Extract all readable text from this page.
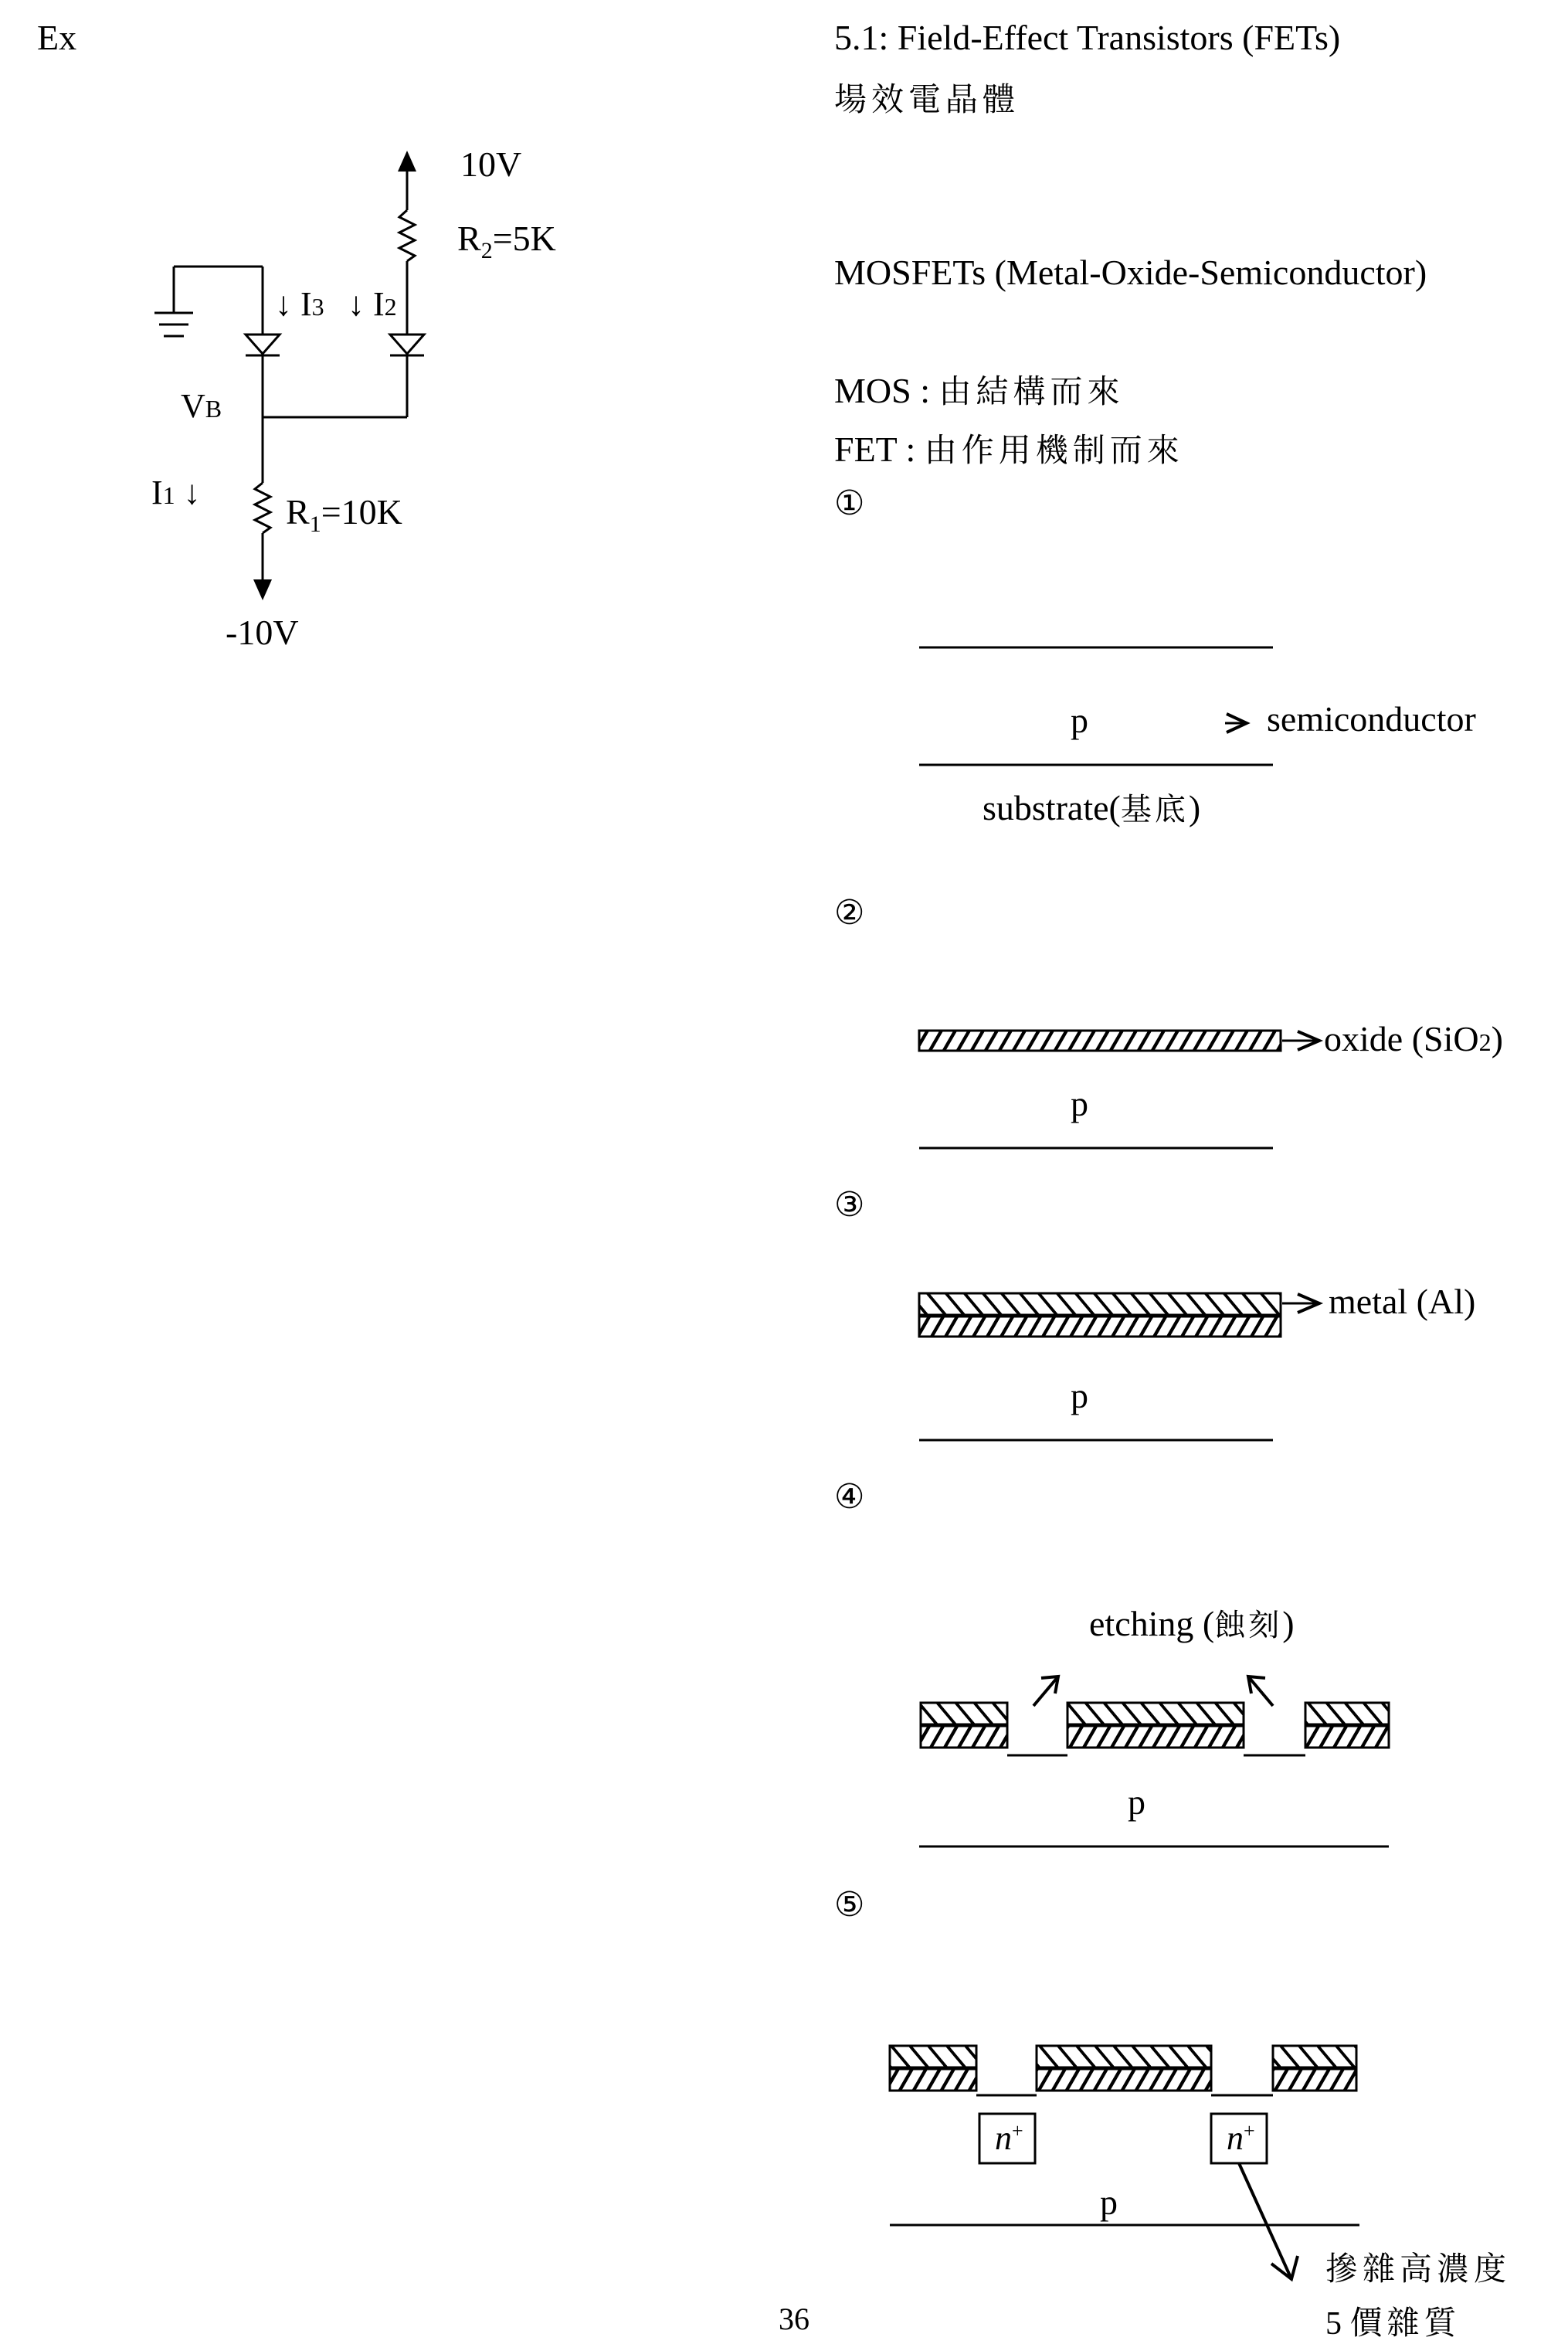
Ex
10V
$R_2=5K$
↓ I3 ↓ I2
VB
I1 ↓ $R_1=10K$
-10V
5.1: Field-Effect Transistors (FETs)
場效電晶體
MOSFETs (Metal-Oxide-Semiconductor)
MOS : 由結構而來
FET : 由作用機制而來
①
p	semiconductor
substrate(基底)
②
oxide (SiO2)
p
③
metal (Al)
p
④
etching (蝕刻)
p
⑤
n+	n+
p
摻雜高濃度
5 價雜質
36
